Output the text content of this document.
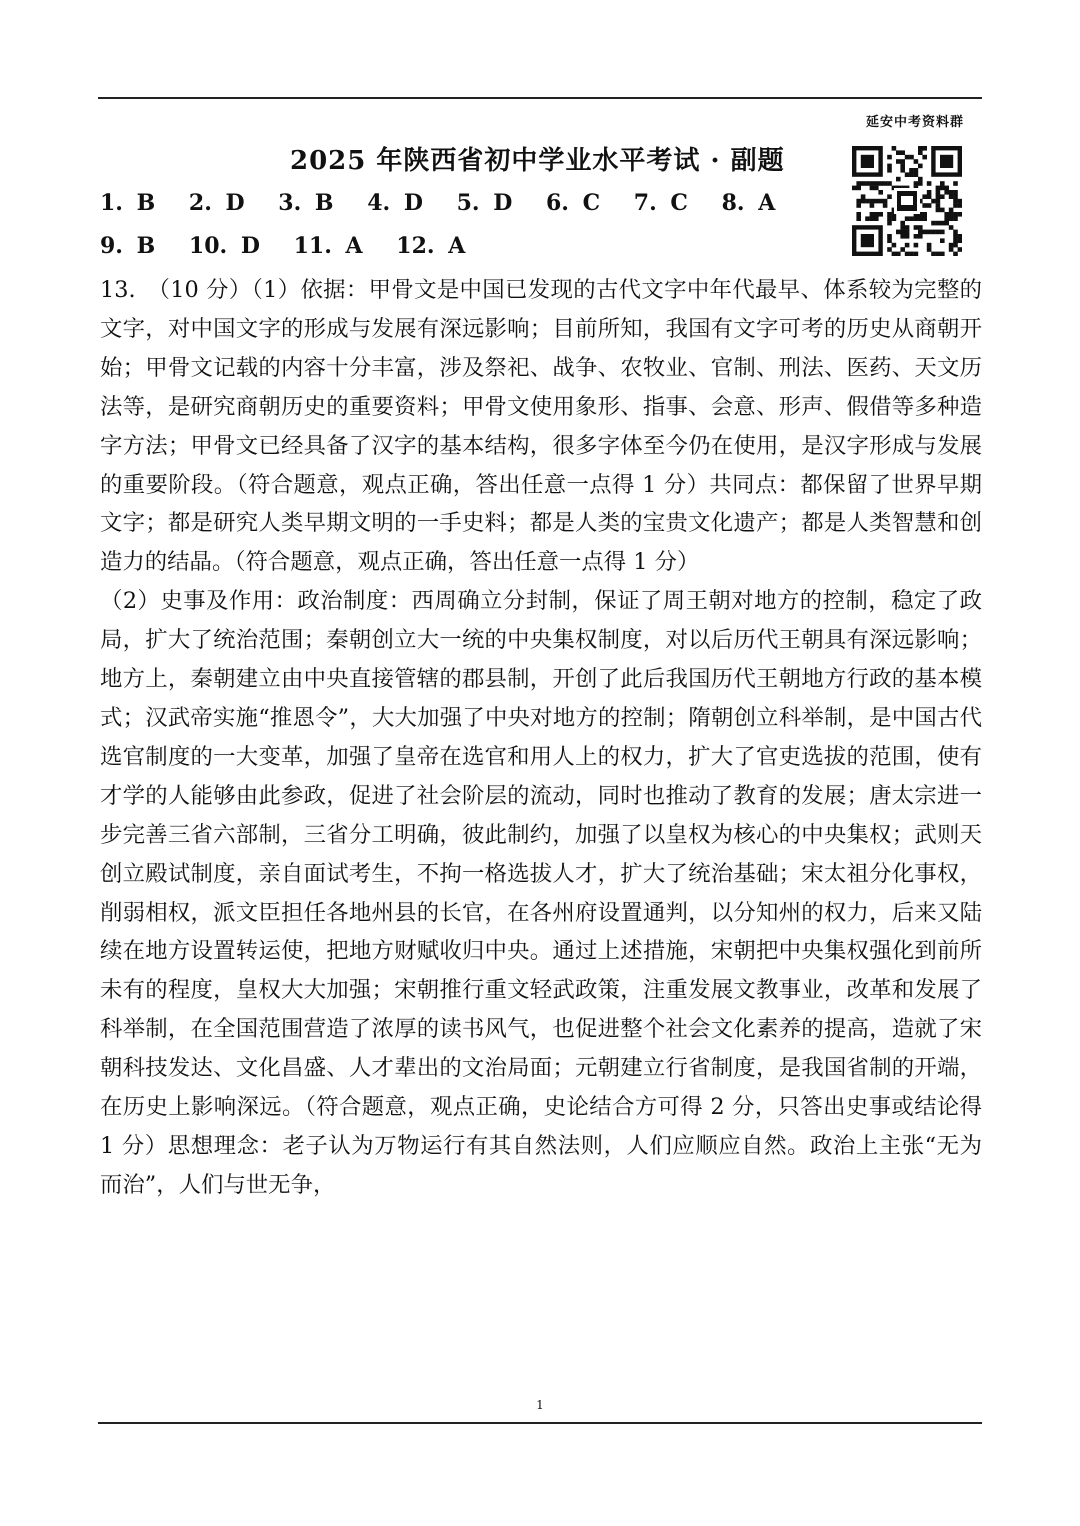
延安中考资料群
2025 年陕西省初中学业水平考试 · 副题
1. B 2. D 3. B 4. D 5. D 6. C 7. C 8. A
9. B 10. D 11. A 12. A

13.　（10 分）（1）依据：甲骨文是中国已发现的古代文字中年代最早、体系较为完整的文字，对中国文字的形成与发展有深远影响；目前所知，我国有文字可考的历史从商朝开始；甲骨文记载的内容十分丰富，涉及祭祀、战争、农牧业、官制、刑法、医药、天文历法等，是研究商朝历史的重要资料；甲骨文使用象形、指事、会意、形声、假借等多种造字方法；甲骨文已经具备了汉字的基本结构，很多字体至今仍在使用，是汉字形成与发展的重要阶段。（符合题意，观点正确，答出任意一点得 1 分）共同点：都保留了世界早期文字；都是研究人类早期文明的一手史料；都是人类的宝贵文化遗产；都是人类智慧和创造力的结晶。（符合题意，观点正确，答出任意一点得 1 分）

（2）史事及作用：政治制度：西周确立分封制，保证了周王朝对地方的控制，稳定了政局，扩大了统治范围；秦朝创立大一统的中央集权制度，对以后历代王朝具有深远影响；地方上，秦朝建立由中央直接管辖的郡县制，开创了此后我国历代王朝地方行政的基本模式；汉武帝实施“推恩令”，大大加强了中央对地方的控制；隋朝创立科举制，是中国古代选官制度的一大变革，加强了皇帝在选官和用人上的权力，扩大了官吏选拔的范围，使有才学的人能够由此参政，促进了社会阶层的流动，同时也推动了教育的发展；唐太宗进一步完善三省六部制，三省分工明确，彼此制约，加强了以皇权为核心的中央集权；武则天创立殿试制度，亲自面试考生，不拘一格选拔人才，扩大了统治基础；宋太祖分化事权，削弱相权，派文臣担任各地州县的长官，在各州府设置通判，以分知州的权力，后来又陆续在地方设置转运使，把地方财赋收归中央。通过上述措施，宋朝把中央集权强化到前所未有的程度，皇权大大加强；宋朝推行重文轻武政策，注重发展文教事业，改革和发展了科举制，在全国范围营造了浓厚的读书风气，也促进整个社会文化素养的提高，造就了宋朝科技发达、文化昌盛、人才辈出的文治局面；元朝建立行省制度，是我国省制的开端，在历史上影响深远。（符合题意，观点正确，史论结合方可得 2 分，只答出史事或结论得 1 分）思想理念：老子认为万物运行有其自然法则，人们应顺应自然。政治上主张“无为而治”，人们与世无争，

1
